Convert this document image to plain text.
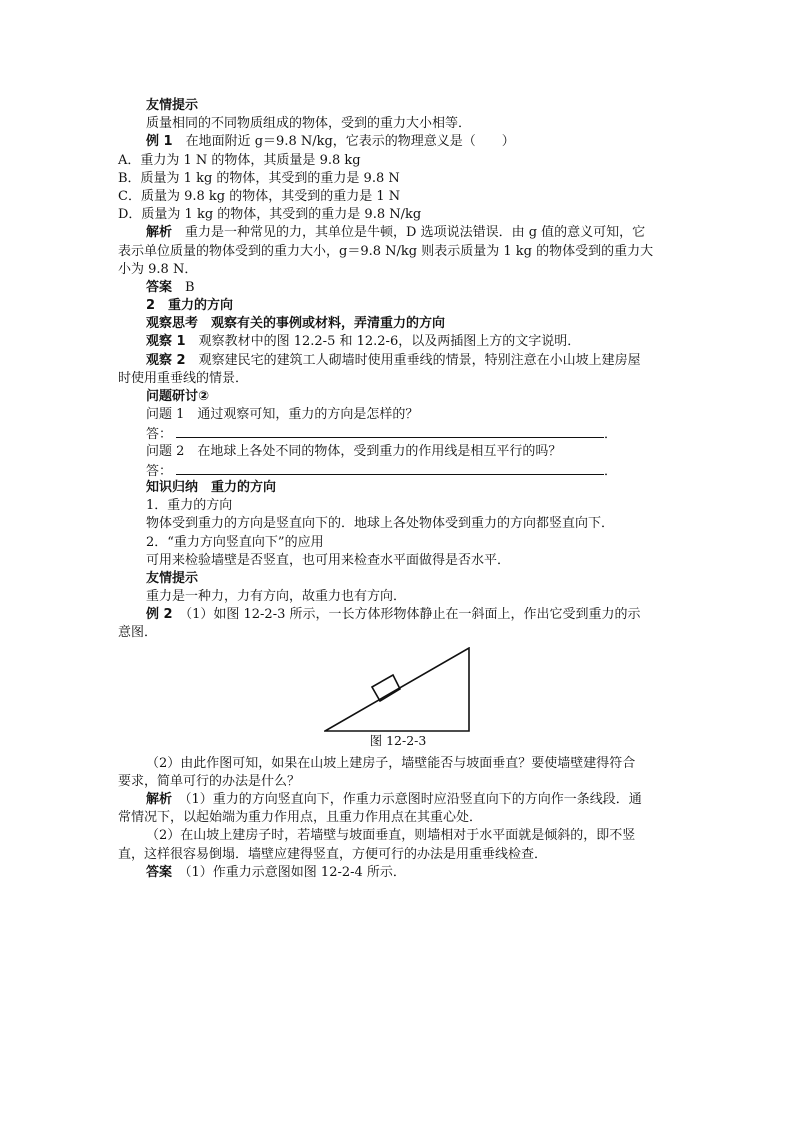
友情提示
质量相同的不同物质组成的物体，受到的重力大小相等．
例 1　 在地面附近 g＝9.8 N/kg，它表示的物理意义是（　　）
A．重力为 1 N 的物体，其质量是 9.8 kg
B．质量为 1 kg 的物体，其受到的重力是 9.8 N
C．质量为 9.8 kg 的物体，其受到的重力是 1 N
D．质量为 1 kg 的物体，其受到的重力是 9.8 N/kg
解析　 重力是一种常见的力，其单位是牛顿，D 选项说法错误．由 g 值的意义可知，它
表示单位质量的物体受到的重力大小，g＝9.8 N/kg 则表示质量为 1 kg 的物体受到的重力大
小为 9.8 N．
答案　 B
2　重力的方向
观察思考　观察有关的事例或材料，弄清重力的方向
观察 1　 观察教材中的图 12.2-5 和 12.2-6，以及两插图上方的文字说明．
观察 2　 观察建民宅的建筑工人砌墙时使用重垂线的情景，特别注意在小山坡上建房屋
时使用重垂线的情景．
问题研讨②
问题 1　通过观察可知，重力的方向是怎样的？
答：	．
问题 2　在地球上各处不同的物体，受到重力的作用线是相互平行的吗？
答：	．
知识归纳　重力的方向
1．重力的方向
物体受到重力的方向是竖直向下的．地球上各处物体受到重力的方向都竖直向下．
2．“重力方向竖直向下”的应用
可用来检验墙壁是否竖直，也可用来检查水平面做得是否水平．
友情提示
重力是一种力，力有方向，故重力也有方向．
例 2　 （1）如图 12-2-3 所示，一长方体形物体静止在一斜面上，作出它受到重力的示
意图．
图 12-2-3
（2）由此作图可知，如果在山坡上建房子，墙壁能否与坡面垂直？要使墙壁建得符合
要求，简单可行的办法是什么？
解析　 （1）重力的方向竖直向下，作重力示意图时应沿竖直向下的方向作一条线段．通
常情况下，以起始端为重力作用点，且重力作用点在其重心处．
（2）在山坡上建房子时，若墙壁与坡面垂直，则墙相对于水平面就是倾斜的，即不竖
直，这样很容易倒塌．墙壁应建得竖直，方便可行的办法是用重垂线检查．
答案　 （1）作重力示意图如图 12-2-4 所示．
